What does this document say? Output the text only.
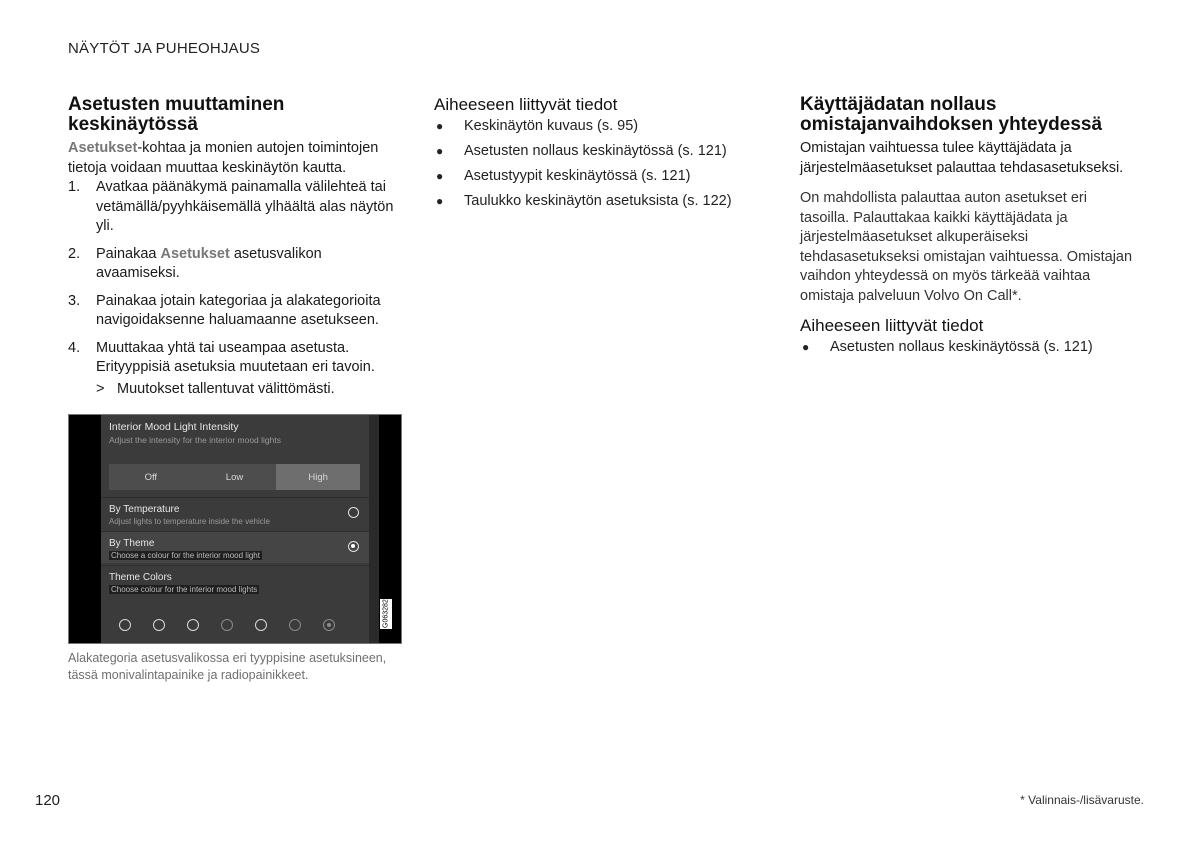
NÄYTÖT JA PUHEOHJAUS
Asetusten muuttaminen keskinäytössä

Asetukset-kohtaa ja monien autojen toimintojen tietoja voidaan muuttaa keskinäytön kautta.

1.	Avatkaa päänäkymä painamalla välilehteä tai vetämällä/pyyhkäisemällä ylhäältä alas näytön yli.
2.	Painakaa Asetukset asetusvalikon avaamiseksi.
3.	Painakaa jotain kategoriaa ja alakategorioita navigoidaksenne haluamaanne asetukseen.
4.	Muuttakaa yhtä tai useampaa asetusta. Erityyppisiä asetuksia muutetaan eri tavoin.
> Muutokset tallentuvat välittömästi.
Interior Mood Light Intensity
Adjust the intensity for the interior mood lights
Off	Low	High
By Temperature
Adjust lights to temperature inside the vehicle
By Theme
Choose a colour for the interior mood light
Theme Colors
Choose colour for the interior mood lights
G063282
Alakategoria asetusvalikossa eri tyyppisine asetuksineen, tässä monivalintapainike ja radiopainikkeet.
Aiheeseen liittyvät tiedot
●	Keskinäytön kuvaus (s. 95)
●	Asetusten nollaus keskinäytössä (s. 121)
●	Asetustyypit keskinäytössä (s. 121)
●	Taulukko keskinäytön asetuksista (s. 122)
Käyttäjädatan nollaus omistajanvaihdoksen yhteydessä

Omistajan vaihtuessa tulee käyttäjädata ja järjestelmäasetukset palauttaa tehdasasetukseksi.

On mahdollista palauttaa auton asetukset eri tasoilla. Palauttakaa kaikki käyttäjädata ja järjestelmäasetukset alkuperäiseksi tehdasasetukseksi omistajan vaihtuessa. Omistajan vaihdon yhteydessä on myös tärkeää vaihtaa omistaja palveluun Volvo On Call*.

Aiheeseen liittyvät tiedot
●	Asetusten nollaus keskinäytössä (s. 121)
120	* Valinnais-/lisävaruste.
